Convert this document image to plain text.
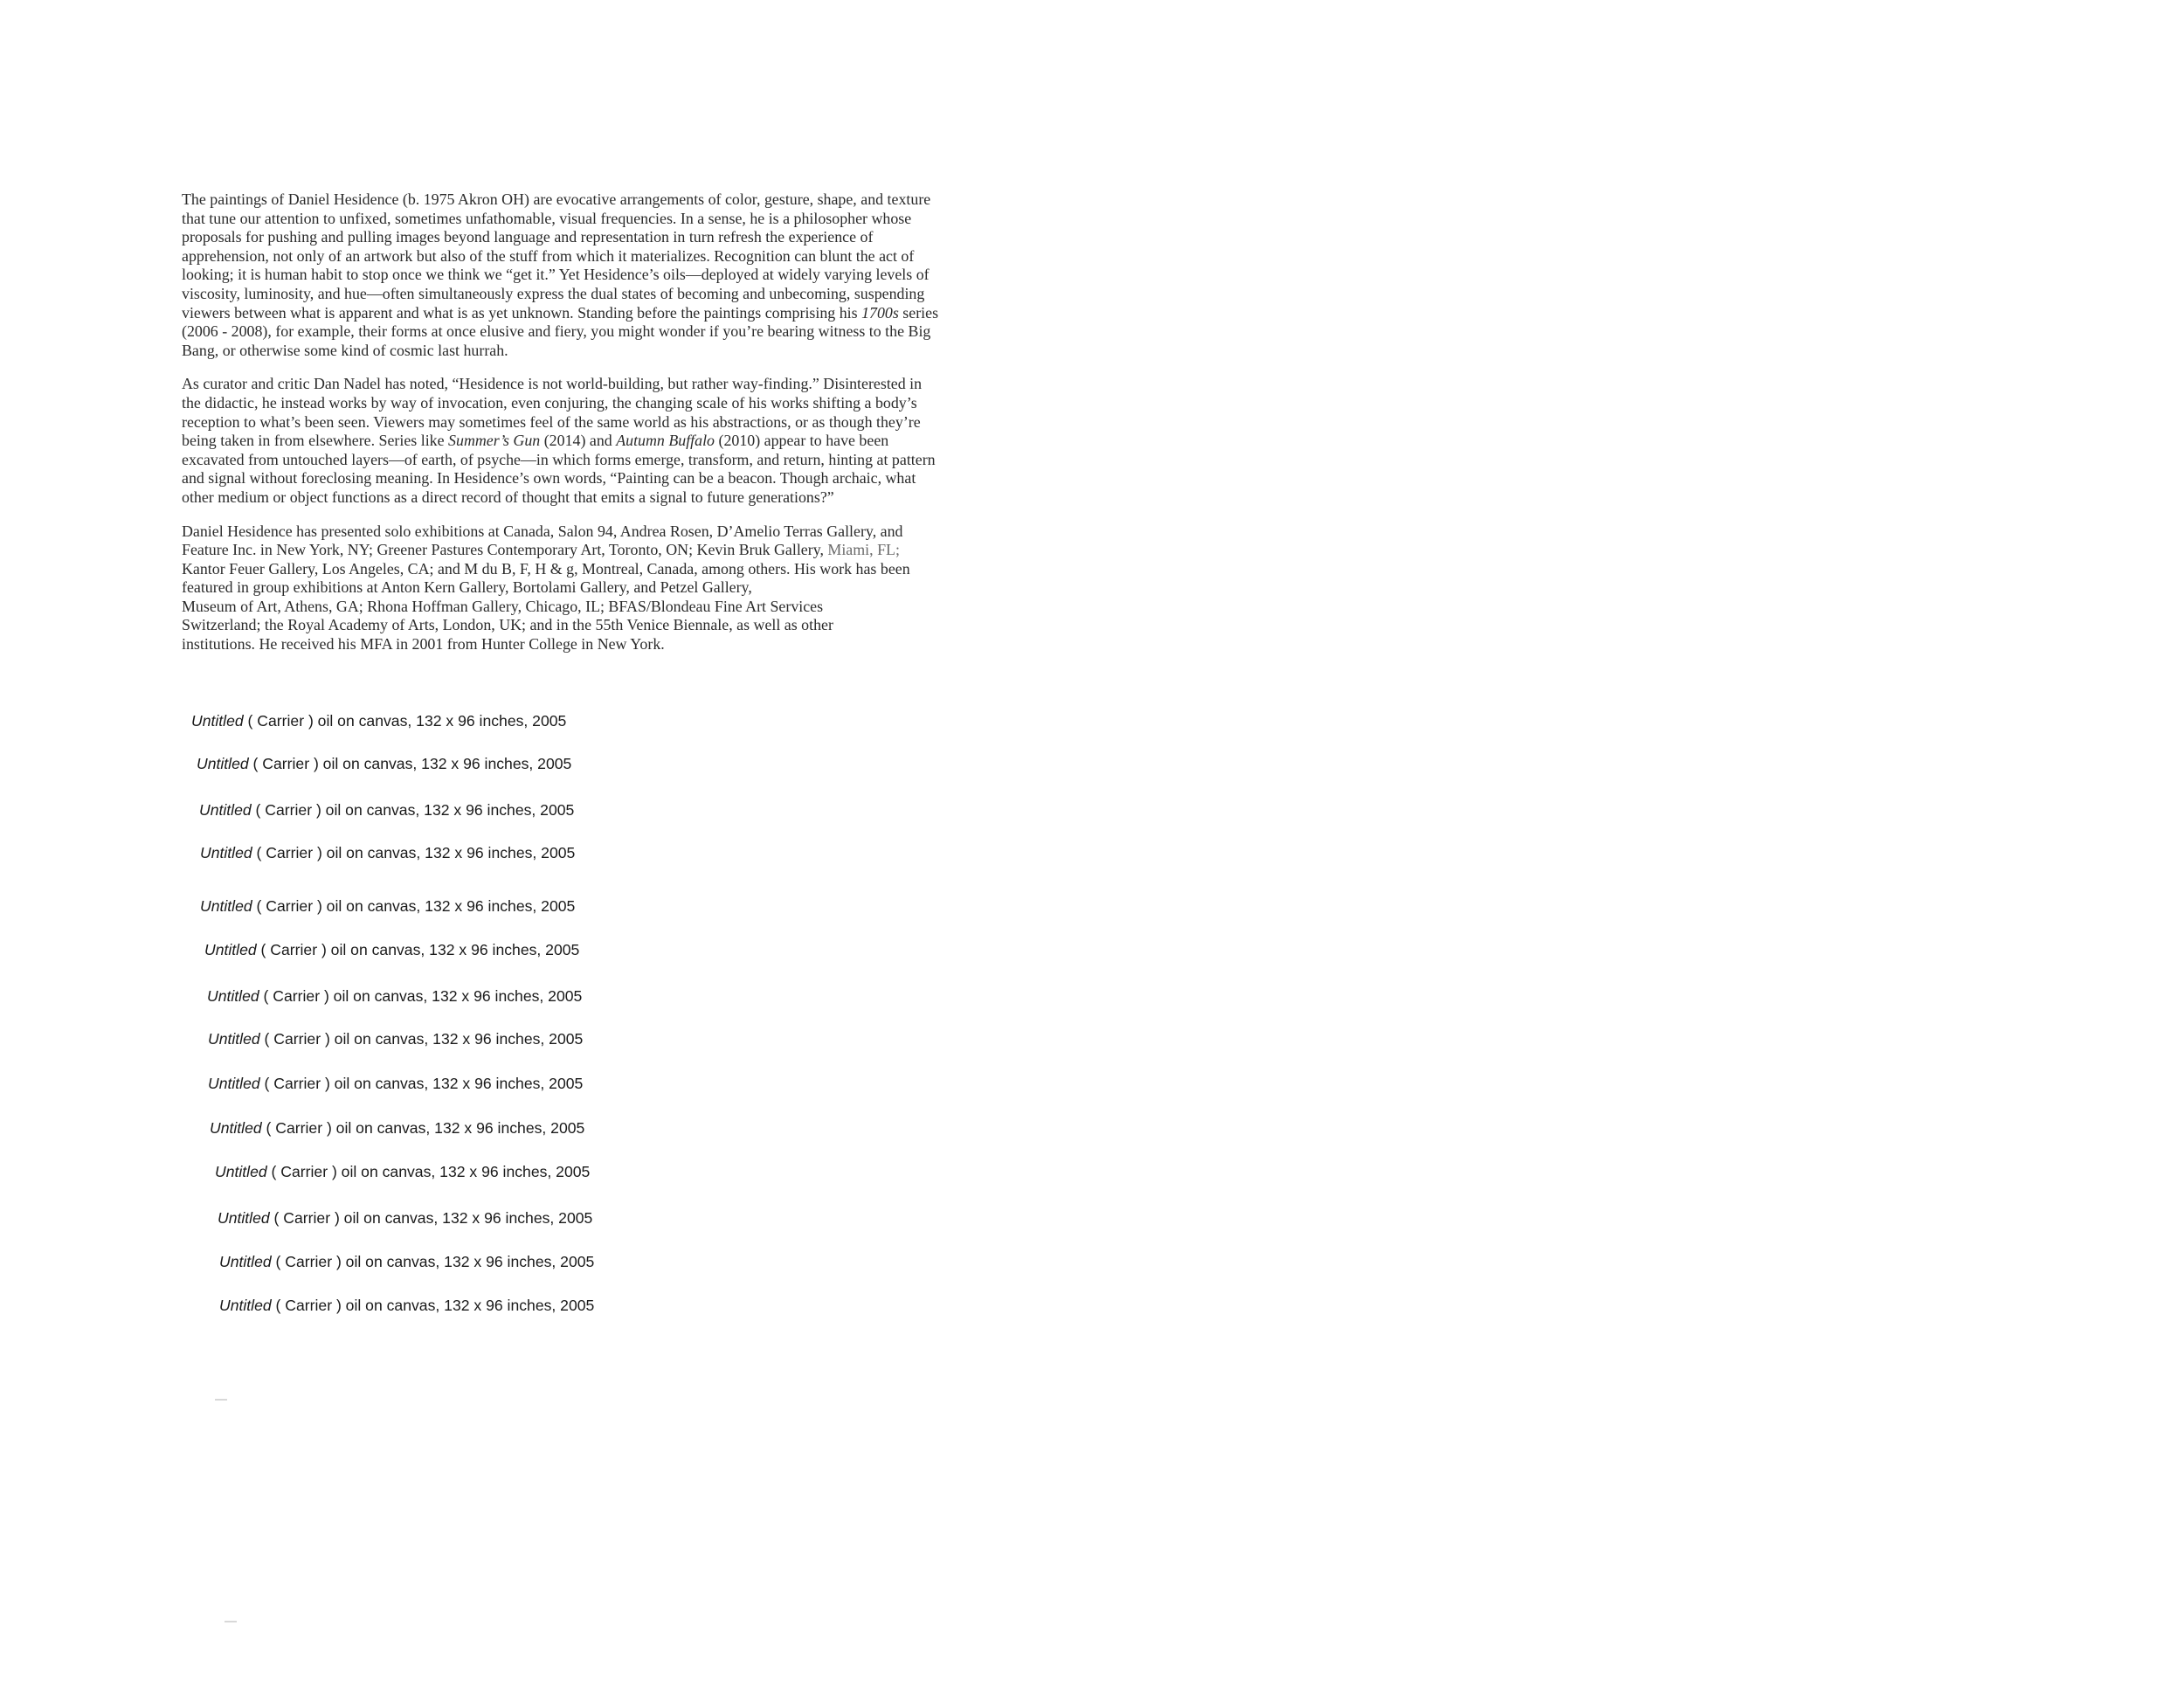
The paintings of Daniel Hesidence (b. 1975 Akron OH) are evocative arrangements of color, gesture, shape, and texture
that tune our attention to unfixed, sometimes unfathomable, visual frequencies. In a sense, he is a philosopher whose
proposals for pushing and pulling images beyond language and representation in turn refresh the experience of
apprehension, not only of an artwork but also of the stuff from which it materializes. Recognition can blunt the act of
looking; it is human habit to stop once we think we “get it.” Yet Hesidence’s oils—deployed at widely varying levels of
viscosity, luminosity, and hue—often simultaneously express the dual states of becoming and unbecoming, suspending
viewers between what is apparent and what is as yet unknown. Standing before the paintings comprising his 1700s series
(2006 - 2008), for example, their forms at once elusive and fiery, you might wonder if you’re bearing witness to the Big
Bang, or otherwise some kind of cosmic last hurrah.

As curator and critic Dan Nadel has noted, “Hesidence is not world-building, but rather way-finding.” Disinterested in
the didactic, he instead works by way of invocation, even conjuring, the changing scale of his works shifting a body’s
reception to what’s been seen. Viewers may sometimes feel of the same world as his abstractions, or as though they’re
being taken in from elsewhere. Series like Summer’s Gun (2014) and Autumn Buffalo (2010) appear to have been
excavated from untouched layers—of earth, of psyche—in which forms emerge, transform, and return, hinting at pattern
and signal without foreclosing meaning. In Hesidence’s own words, “Painting can be a beacon. Though archaic, what
other medium or object functions as a direct record of thought that emits a signal to future generations?”

Daniel Hesidence has presented solo exhibitions at Canada, Salon 94, Andrea Rosen, D’Amelio Terras Gallery, and
Feature Inc. in New York, NY; Greener Pastures Contemporary Art, Toronto, ON; Kevin Bruk Gallery, Miami, FL;
Kantor Feuer Gallery, Los Angeles, CA; and M du B, F, H & g, Montreal, Canada, among others. His work has been
featured in group exhibitions at Anton Kern Gallery, Bortolami Gallery, and Petzel Gallery,
Museum of Art, Athens, GA; Rhona Hoffman Gallery, Chicago, IL; BFAS/Blondeau Fine Art Services
Switzerland; the Royal Academy of Arts, London, UK; and in the 55th Venice Biennale, as well as other
institutions. He received his MFA in 2001 from Hunter College in New York.

Untitled ( Carrier ) oil on canvas, 132 x 96 inches, 2005
Untitled ( Carrier ) oil on canvas, 132 x 96 inches, 2005
Untitled ( Carrier ) oil on canvas, 132 x 96 inches, 2005
Untitled ( Carrier ) oil on canvas, 132 x 96 inches, 2005
Untitled ( Carrier ) oil on canvas, 132 x 96 inches, 2005
Untitled ( Carrier ) oil on canvas, 132 x 96 inches, 2005
Untitled ( Carrier ) oil on canvas, 132 x 96 inches, 2005
Untitled ( Carrier ) oil on canvas, 132 x 96 inches, 2005
Untitled ( Carrier ) oil on canvas, 132 x 96 inches, 2005
Untitled ( Carrier ) oil on canvas, 132 x 96 inches, 2005
Untitled ( Carrier ) oil on canvas, 132 x 96 inches, 2005
Untitled ( Carrier ) oil on canvas, 132 x 96 inches, 2005
Untitled ( Carrier ) oil on canvas, 132 x 96 inches, 2005
Untitled ( Carrier ) oil on canvas, 132 x 96 inches, 2005
